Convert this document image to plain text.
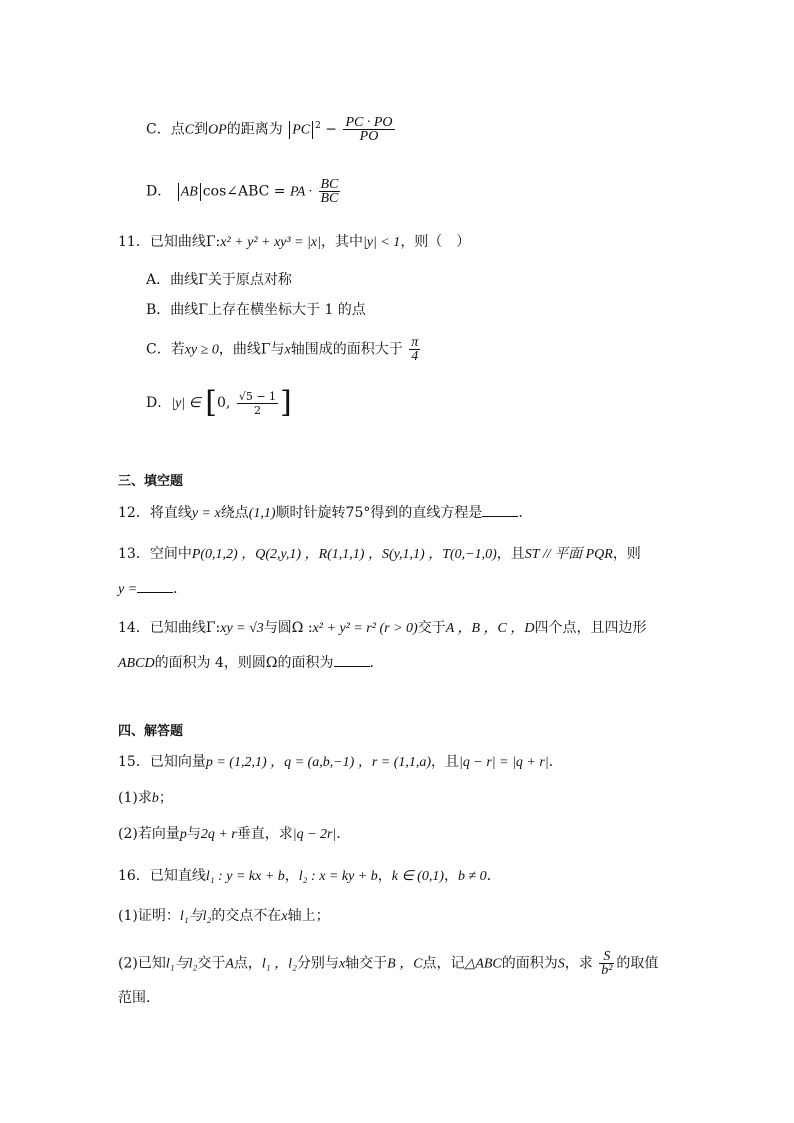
C．点C到OP的距离为 PC $^2 - \frac{PC \cdot PO}{PO}$
D． AB cos∠ABC = PA · $\frac{BC}{BC}$
11．已知曲线Γ:x² + y² + xy³ = |x|，其中|y| < 1，则（　）
A．曲线Γ关于原点对称
B．曲线Γ上存在横坐标大于 1 的点
C．若xy ≥ 0，曲线Γ与x轴围成的面积大于 $\frac{\pi}{4}$
D．|y| ∈ [0, $\frac{√5 - 1}{2}$ ]
三、填空题
12．将直线y = x绕点(1,1)顺时针旋转75°得到的直线方程是	．
13．空间中P(0,1,2) ，Q(2,y,1) ，R(1,1,1) ，S(y,1,1) ，T(0,−1,0)，且ST // 平面 PQR，则
y =	．
14．已知曲线Γ:xy = √3与圆Ω :x² + y² = r² (r > 0)交于A ，B ，C ，D四个点，且四边形
ABCD的面积为 4，则圆Ω的面积为	．
四、解答题
15．已知向量p = (1,2,1) ，q = (a,b,−1) ，r = (1,1,a)，且|q − r| = |q + r|．
(1)求b；
(2)若向量p与2q + r垂直，求|q − 2r|．
16．已知直线l₁ : y = kx + b，l₂ : x = ky + b，k ∈ (0,1)，b ≠ 0．
(1)证明：l₁与l₂的交点不在x轴上；
(2)已知l₁与l₂交于A点，l₁ ，l₂分别与x轴交于B ，C点，记△ABC的面积为S，求 $\frac{S}{\text{b²}}$ 的取值
范围．
